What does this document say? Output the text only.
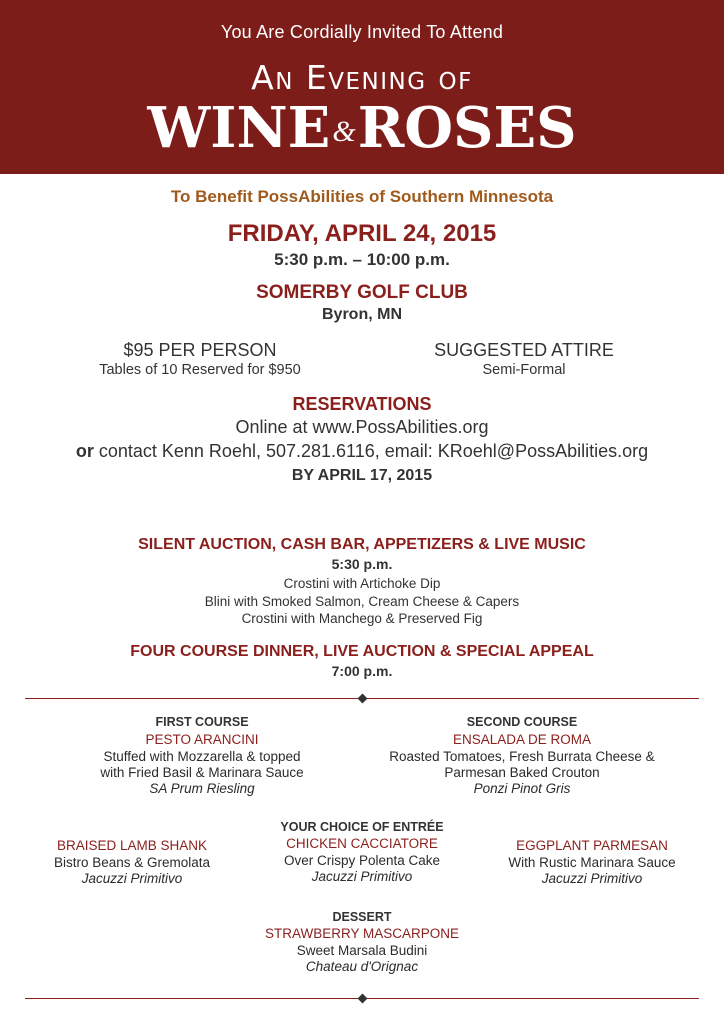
You Are Cordially Invited To Attend
An Evening of
WINE&ROSES
To Benefit PossAbilities of Southern Minnesota
FRIDAY, APRIL 24, 2015
5:30 p.m. – 10:00 p.m.
SOMERBY GOLF CLUB
Byron, MN
$95 PER PERSON
Tables of 10 Reserved for $950
SUGGESTED ATTIRE
Semi-Formal
RESERVATIONS
Online at www.PossAbilities.org
or contact Kenn Roehl, 507.281.6116, email: KRoehl@PossAbilities.org
BY APRIL 17, 2015
SILENT AUCTION, CASH BAR, APPETIZERS & LIVE MUSIC
5:30 p.m.
Crostini with Artichoke Dip
Blini with Smoked Salmon, Cream Cheese & Capers
Crostini with Manchego & Preserved Fig
FOUR COURSE DINNER, LIVE AUCTION & SPECIAL APPEAL
7:00 p.m.
FIRST COURSE
PESTO ARANCINI
Stuffed with Mozzarella & topped
with Fried Basil & Marinara Sauce
SA Prum Riesling
SECOND COURSE
ENSALADA DE ROMA
Roasted Tomatoes, Fresh Burrata Cheese &
Parmesan Baked Crouton
Ponzi Pinot Gris
BRAISED LAMB SHANK
Bistro Beans & Gremolata
Jacuzzi Primitivo
YOUR CHOICE OF ENTRÉE
CHICKEN CACCIATORE
Over Crispy Polenta Cake
Jacuzzi Primitivo
EGGPLANT PARMESAN
With Rustic Marinara Sauce
Jacuzzi Primitivo
DESSERT
STRAWBERRY MASCARPONE
Sweet Marsala Budini
Chateau d'Orignac
